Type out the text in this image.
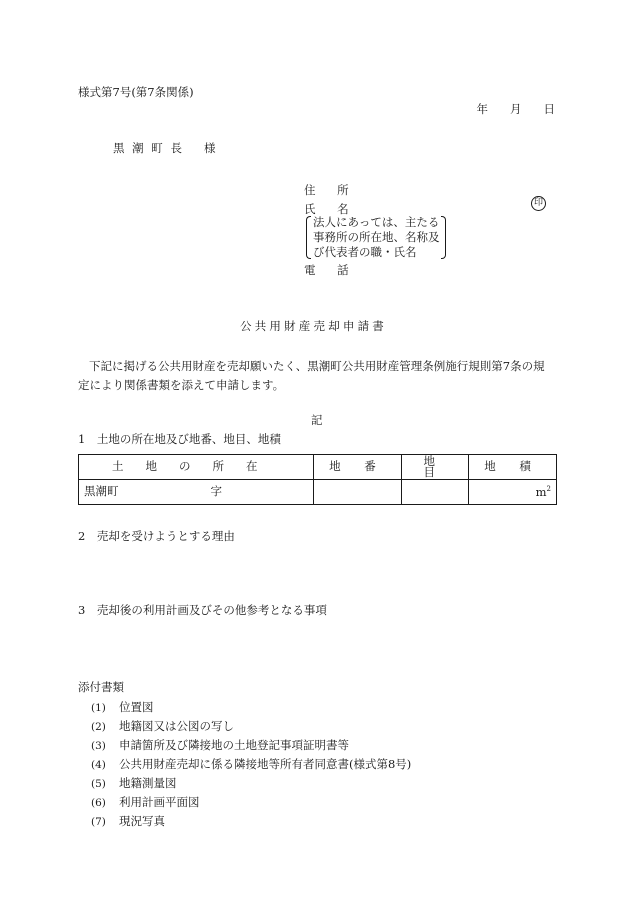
様式第7号(第7条関係)
年 月 日
黒 潮 町 長 様
住 所
氏 名	印
法人にあっては、主たる
事務所の所在地、名称及
び代表者の職・氏名
電 話
公共用財産売却申請書
下記に掲げる公共用財産を売却願いたく、黒潮町公共用財産管理条例施行規則第7条の規定により関係書類を添えて申請します。
記
1　土地の所在地及び地番、地目、地積
土地の所在	地 番	地 目	地 積
黒潮町 字			$m^2$
2　売却を受けようとする理由
3　売却後の利用計画及びその他参考となる事項
添付書類
(1) 位置図
(2) 地籍図又は公図の写し
(3) 申請箇所及び隣接地の土地登記事項証明書等
(4) 公共用財産売却に係る隣接地等所有者同意書(様式第8号)
(5) 地籍測量図
(6) 利用計画平面図
(7) 現況写真
